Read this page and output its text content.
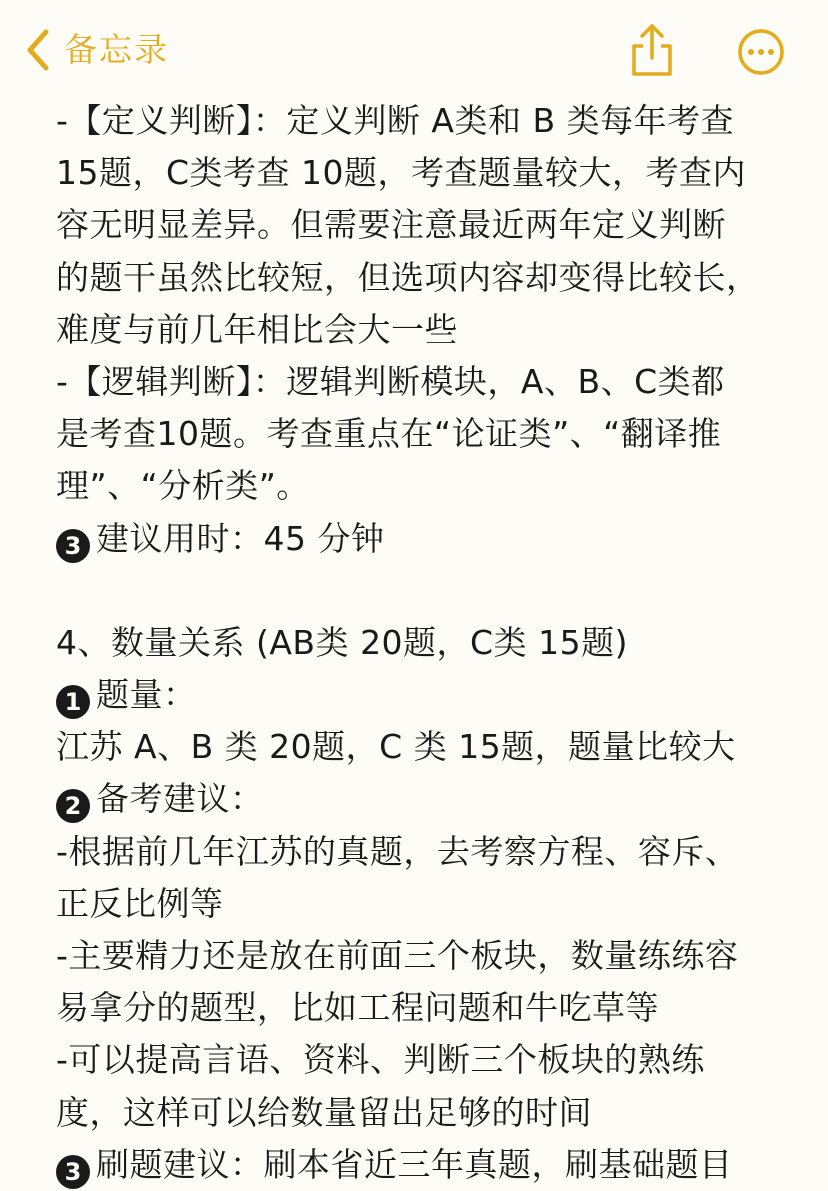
备忘录
-【定义判断】：定义判断 A类和 B 类每年考查
15题，C类考查 10题，考查题量较大，考查内
容无明显差异。但需要注意最近两年定义判断
的题干虽然比较短，但选项内容却变得比较长，
难度与前几年相比会大一些
-【逻辑判断】：逻辑判断模块，A、B、C类都
是考查10题。考查重点在“论证类”、“翻译推
理”、“分析类”。
3 建议用时：45 分钟
4、数量关系 (AB类 20题，C类 15题)
1 题量：
江苏 A、B 类 20题，C 类 15题，题量比较大
2 备考建议：
-根据前几年江苏的真题，去考察方程、容斥、
正反比例等
-主要精力还是放在前面三个板块，数量练练容
易拿分的题型，比如工程问题和牛吃草等
-可以提高言语、资料、判断三个板块的熟练
度，这样可以给数量留出足够的时间
3 刷题建议：刷本省近三年真题，刷基础题目
